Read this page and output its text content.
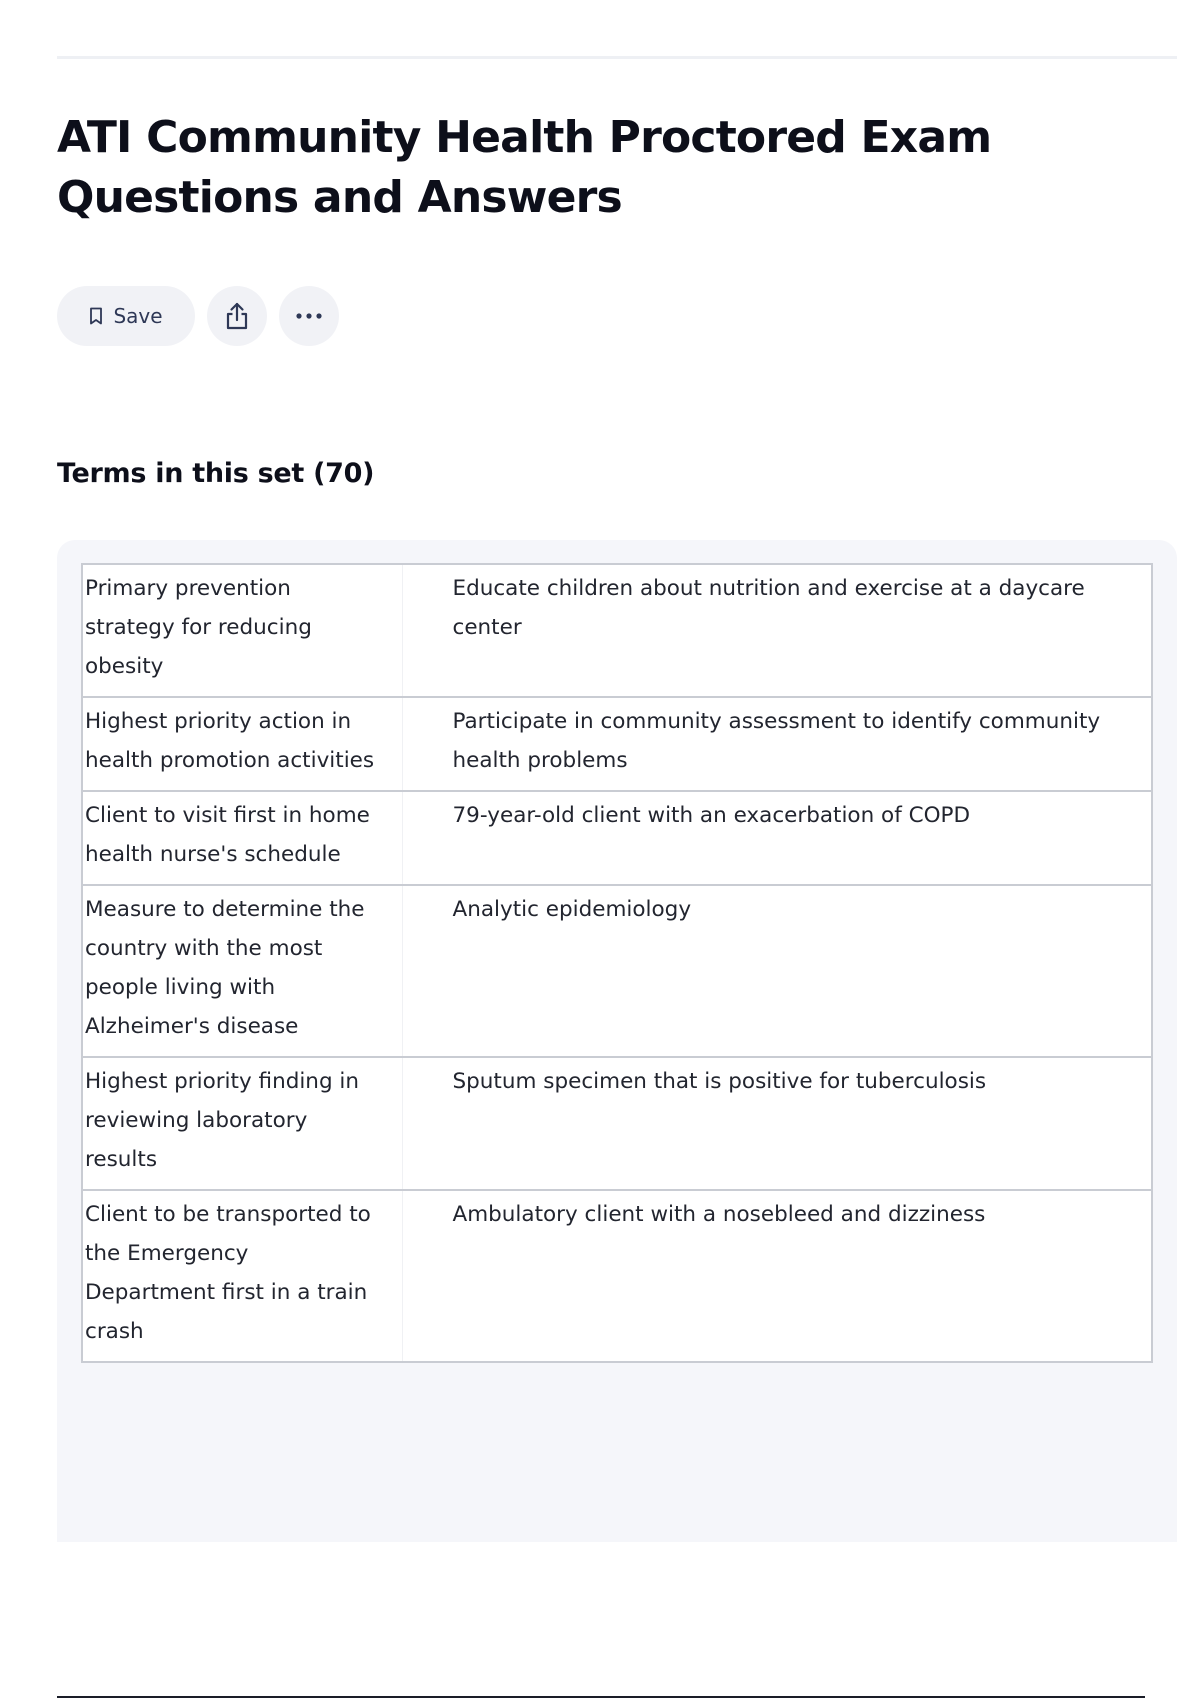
ATI Community Health Proctored Exam Questions and Answers
Save
Terms in this set (70)
Primary prevention strategy for reducing obesity	Educate children about nutrition and exercise at a daycare center
Highest priority action in health promotion activities	Participate in community assessment to identify community health problems
Client to visit first in home health nurse's schedule	79-year-old client with an exacerbation of COPD
Measure to determine the country with the most people living with Alzheimer's disease	Analytic epidemiology
Highest priority finding in reviewing laboratory results	Sputum specimen that is positive for tuberculosis
Client to be transported to the Emergency Department first in a train crash	Ambulatory client with a nosebleed and dizziness
